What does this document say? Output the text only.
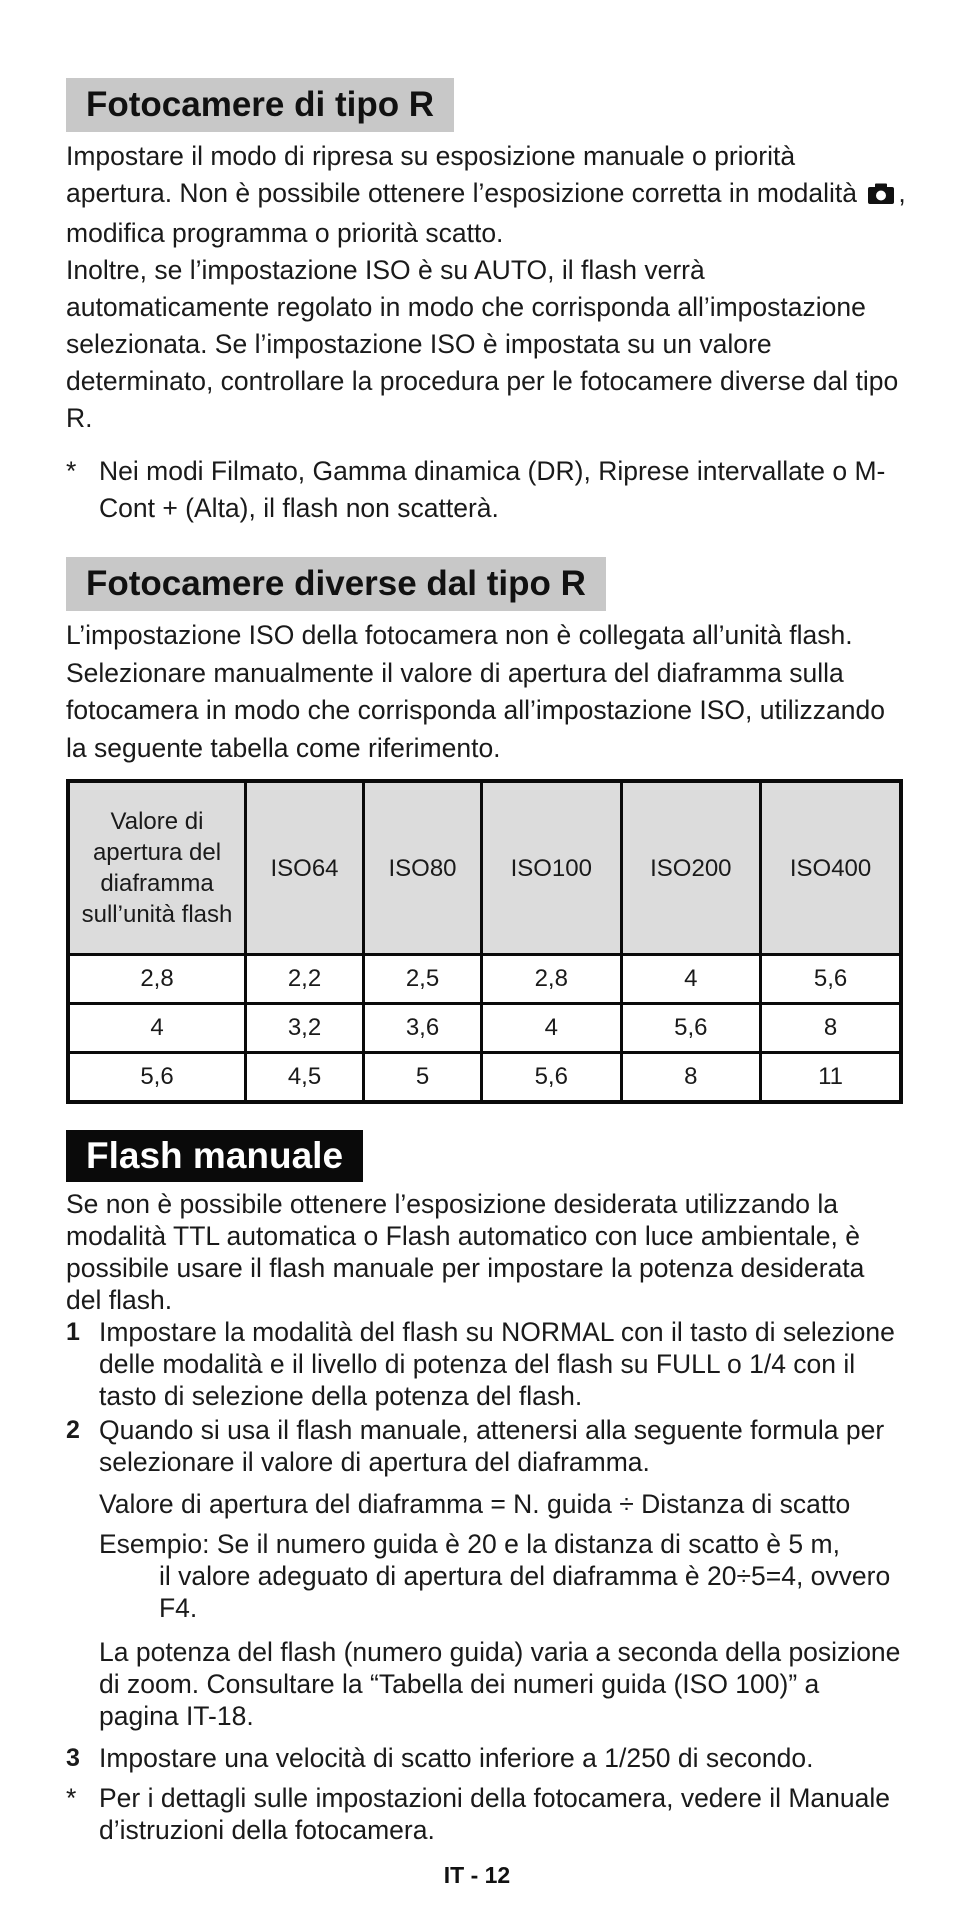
Fotocamere di tipo R

Impostare il modo di ripresa su esposizione manuale o priorità apertura. Non è possibile ottenere l’esposizione corretta in modalità , modifica programma o priorità scatto.

Inoltre, se l’impostazione ISO è su AUTO, il flash verrà automaticamente regolato in modo che corrisponda all’impostazione selezionata. Se l’impostazione ISO è impostata su un valore determinato, controllare la procedura per le fotocamere diverse dal tipo R.

* Nei modi Filmato, Gamma dinamica (DR), Riprese intervallate o M-Cont + (Alta), il flash non scatterà.
Fotocamere diverse dal tipo R

L’impostazione ISO della fotocamera non è collegata all’unità flash. Selezionare manualmente il valore di apertura del diaframma sulla fotocamera in modo che corrisponda all’impostazione ISO, utilizzando la seguente tabella come riferimento.

Valore di apertura del diaframma sull’unità flash	ISO64	ISO80	ISO100	ISO200	ISO400
2,8	2,2	2,5	2,8	4	5,6
4	3,2	3,6	4	5,6	8
5,6	4,5	5	5,6	8	11
Flash manuale

Se non è possibile ottenere l’esposizione desiderata utilizzando la modalità TTL automatica o Flash automatico con luce ambientale, è possibile usare il flash manuale per impostare la potenza desiderata del flash.

1 Impostare la modalità del flash su NORMAL con il tasto di selezione delle modalità e il livello di potenza del flash su FULL o 1/4 con il tasto di selezione della potenza del flash.
2 Quando si usa il flash manuale, attenersi alla seguente formula per selezionare il valore di apertura del diaframma.
Valore di apertura del diaframma = N. guida ÷ Distanza di scatto
Esempio: Se il numero guida è 20 e la distanza di scatto è 5 m,
il valore adeguato di apertura del diaframma è 20÷5=4, ovvero F4.
La potenza del flash (numero guida) varia a seconda della posizione di zoom. Consultare la “Tabella dei numeri guida (ISO 100)” a pagina IT-18.
3 Impostare una velocità di scatto inferiore a 1/250 di secondo.
* Per i dettagli sulle impostazioni della fotocamera, vedere il Manuale d’istruzioni della fotocamera.
IT - 12
